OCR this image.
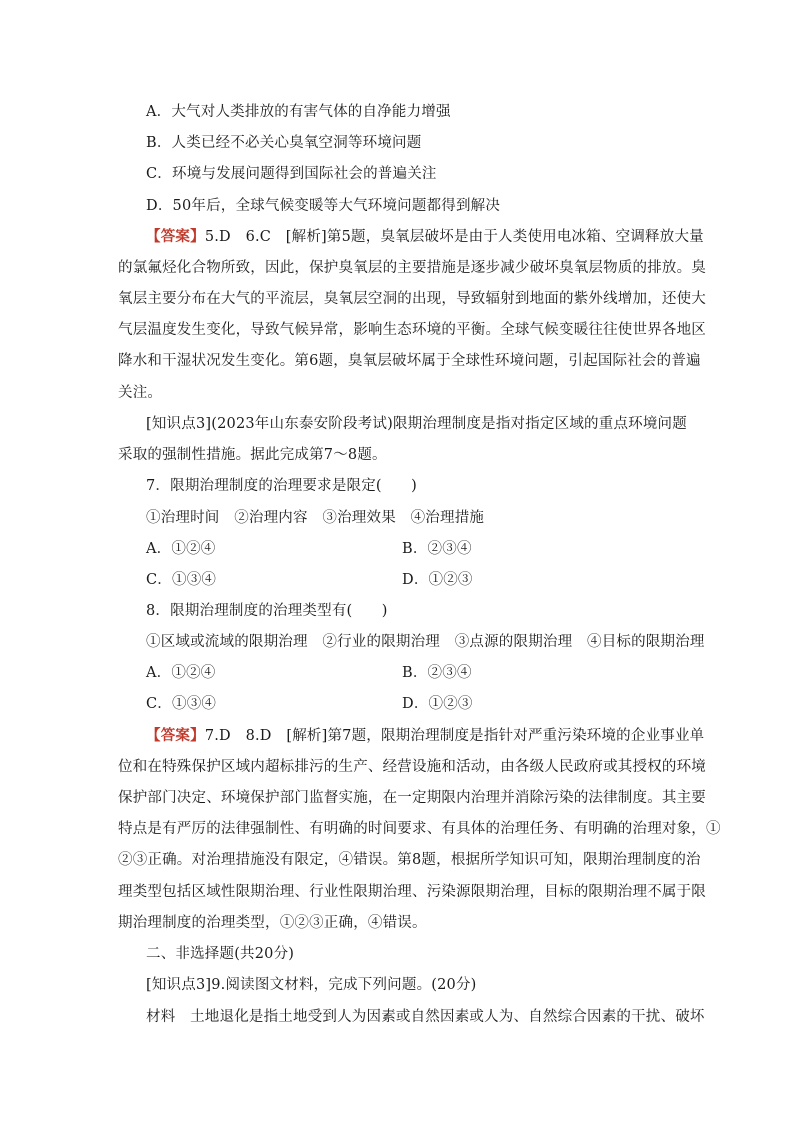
A．大气对人类排放的有害气体的自净能力增强
B．人类已经不必关心臭氧空洞等环境问题
C．环境与发展问题得到国际社会的普遍关注
D．50年后，全球气候变暖等大气环境问题都得到解决
【答案】5.D　6.C　[解析]第5题，臭氧层破坏是由于人类使用电冰箱、空调释放大量
的氯氟烃化合物所致，因此，保护臭氧层的主要措施是逐步减少破坏臭氧层物质的排放。臭
氧层主要分布在大气的平流层，臭氧层空洞的出现，导致辐射到地面的紫外线增加，还使大
气层温度发生变化，导致气候异常，影响生态环境的平衡。全球气候变暖往往使世界各地区
降水和干湿状况发生变化。第6题，臭氧层破坏属于全球性环境问题，引起国际社会的普遍
关注。
[知识点3](2023年山东泰安阶段考试)限期治理制度是指对指定区域的重点环境问题
采取的强制性措施。据此完成第7～8题。
7．限期治理制度的治理要求是限定(　　)
①治理时间　②治理内容　③治理效果　④治理措施
A．①②④	B．②③④
C．①③④	D．①②③
8．限期治理制度的治理类型有(　　)
①区域或流域的限期治理　②行业的限期治理　③点源的限期治理　④目标的限期治理
A．①②④	B．②③④
C．①③④	D．①②③
【答案】7.D　8.D　[解析]第7题，限期治理制度是指针对严重污染环境的企业事业单
位和在特殊保护区域内超标排污的生产、经营设施和活动，由各级人民政府或其授权的环境
保护部门决定、环境保护部门监督实施，在一定期限内治理并消除污染的法律制度。其主要
特点是有严厉的法律强制性、有明确的时间要求、有具体的治理任务、有明确的治理对象，①
②③正确。对治理措施没有限定，④错误。第8题，根据所学知识可知，限期治理制度的治
理类型包括区域性限期治理、行业性限期治理、污染源限期治理，目标的限期治理不属于限
期治理制度的治理类型，①②③正确，④错误。
二、非选择题(共20分)
[知识点3]9.阅读图文材料，完成下列问题。(20分)
材料　土地退化是指土地受到人为因素或自然因素或人为、自然综合因素的干扰、破坏
